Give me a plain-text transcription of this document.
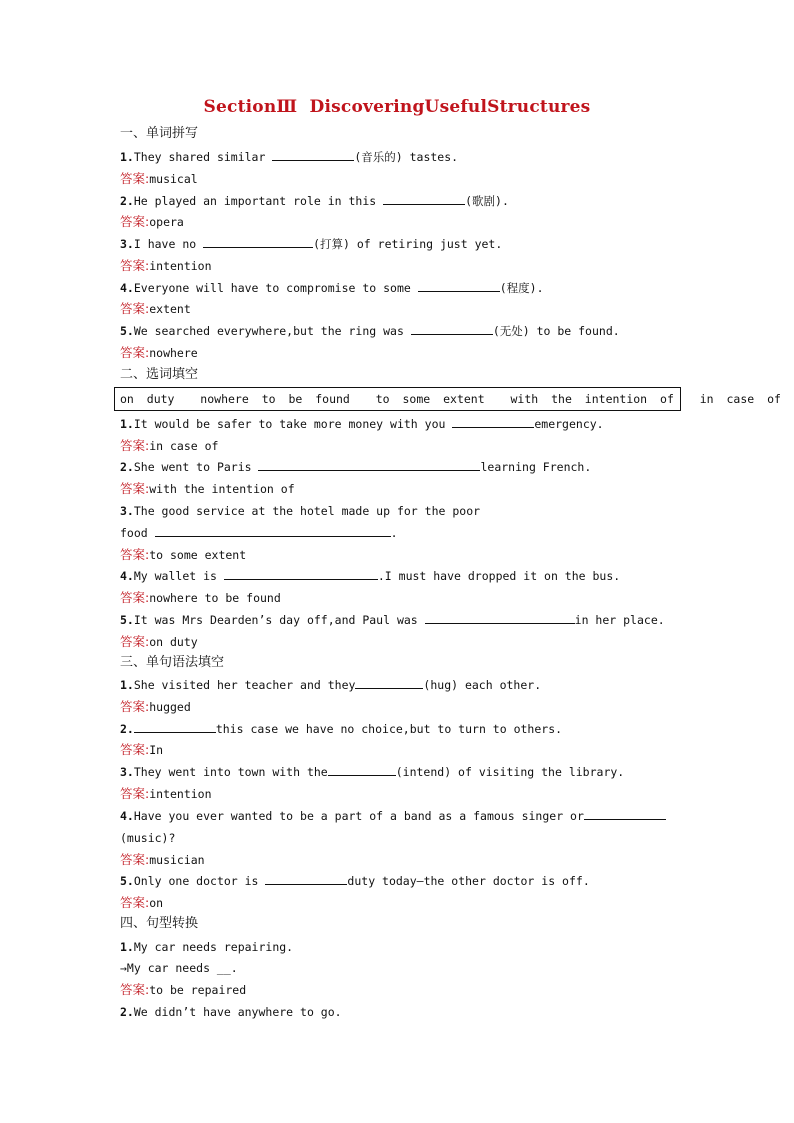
SectionⅢ  DiscoveringUsefulStructures
一、单词拼写
1.They shared similar	(音乐的) tastes.
答案:musical
2.He played an important role in this	(歌剧).
答案:opera
3.I have no	(打算) of retiring just yet.
答案:intention
4.Everyone will have to compromise to some	(程度).
答案:extent
5.We searched everywhere,but the ring was	(无处) to be found.
答案:nowhere
二、选词填空
on duty  nowhere to be found  to some extent  with the intention of  in case of
1.It would be safer to take more money with you	emergency.
答案:in case of
2.She went to Paris	learning French.
答案:with the intention of
3.The good service at the hotel made up for the poor
food	.
答案:to some extent
4.My wallet is	.I must have dropped it on the bus.
答案:nowhere to be found
5.It was Mrs Dearden’s day off,and Paul was	in her place.
答案:on duty
三、单句语法填空
1.She visited her teacher and they	(hug) each other.
答案:hugged
2.	this case we have no choice,but to turn to others.
答案:In
3.They went into town with the	(intend) of visiting the library.
答案:intention
4.Have you ever wanted to be a part of a band as a famous singer or
(music)?
答案:musician
5.Only one doctor is	duty today—the other doctor is off.
答案:on
四、句型转换
1.My car needs repairing.
→My car needs __.
答案:to be repaired
2.We didn’t have anywhere to go.
